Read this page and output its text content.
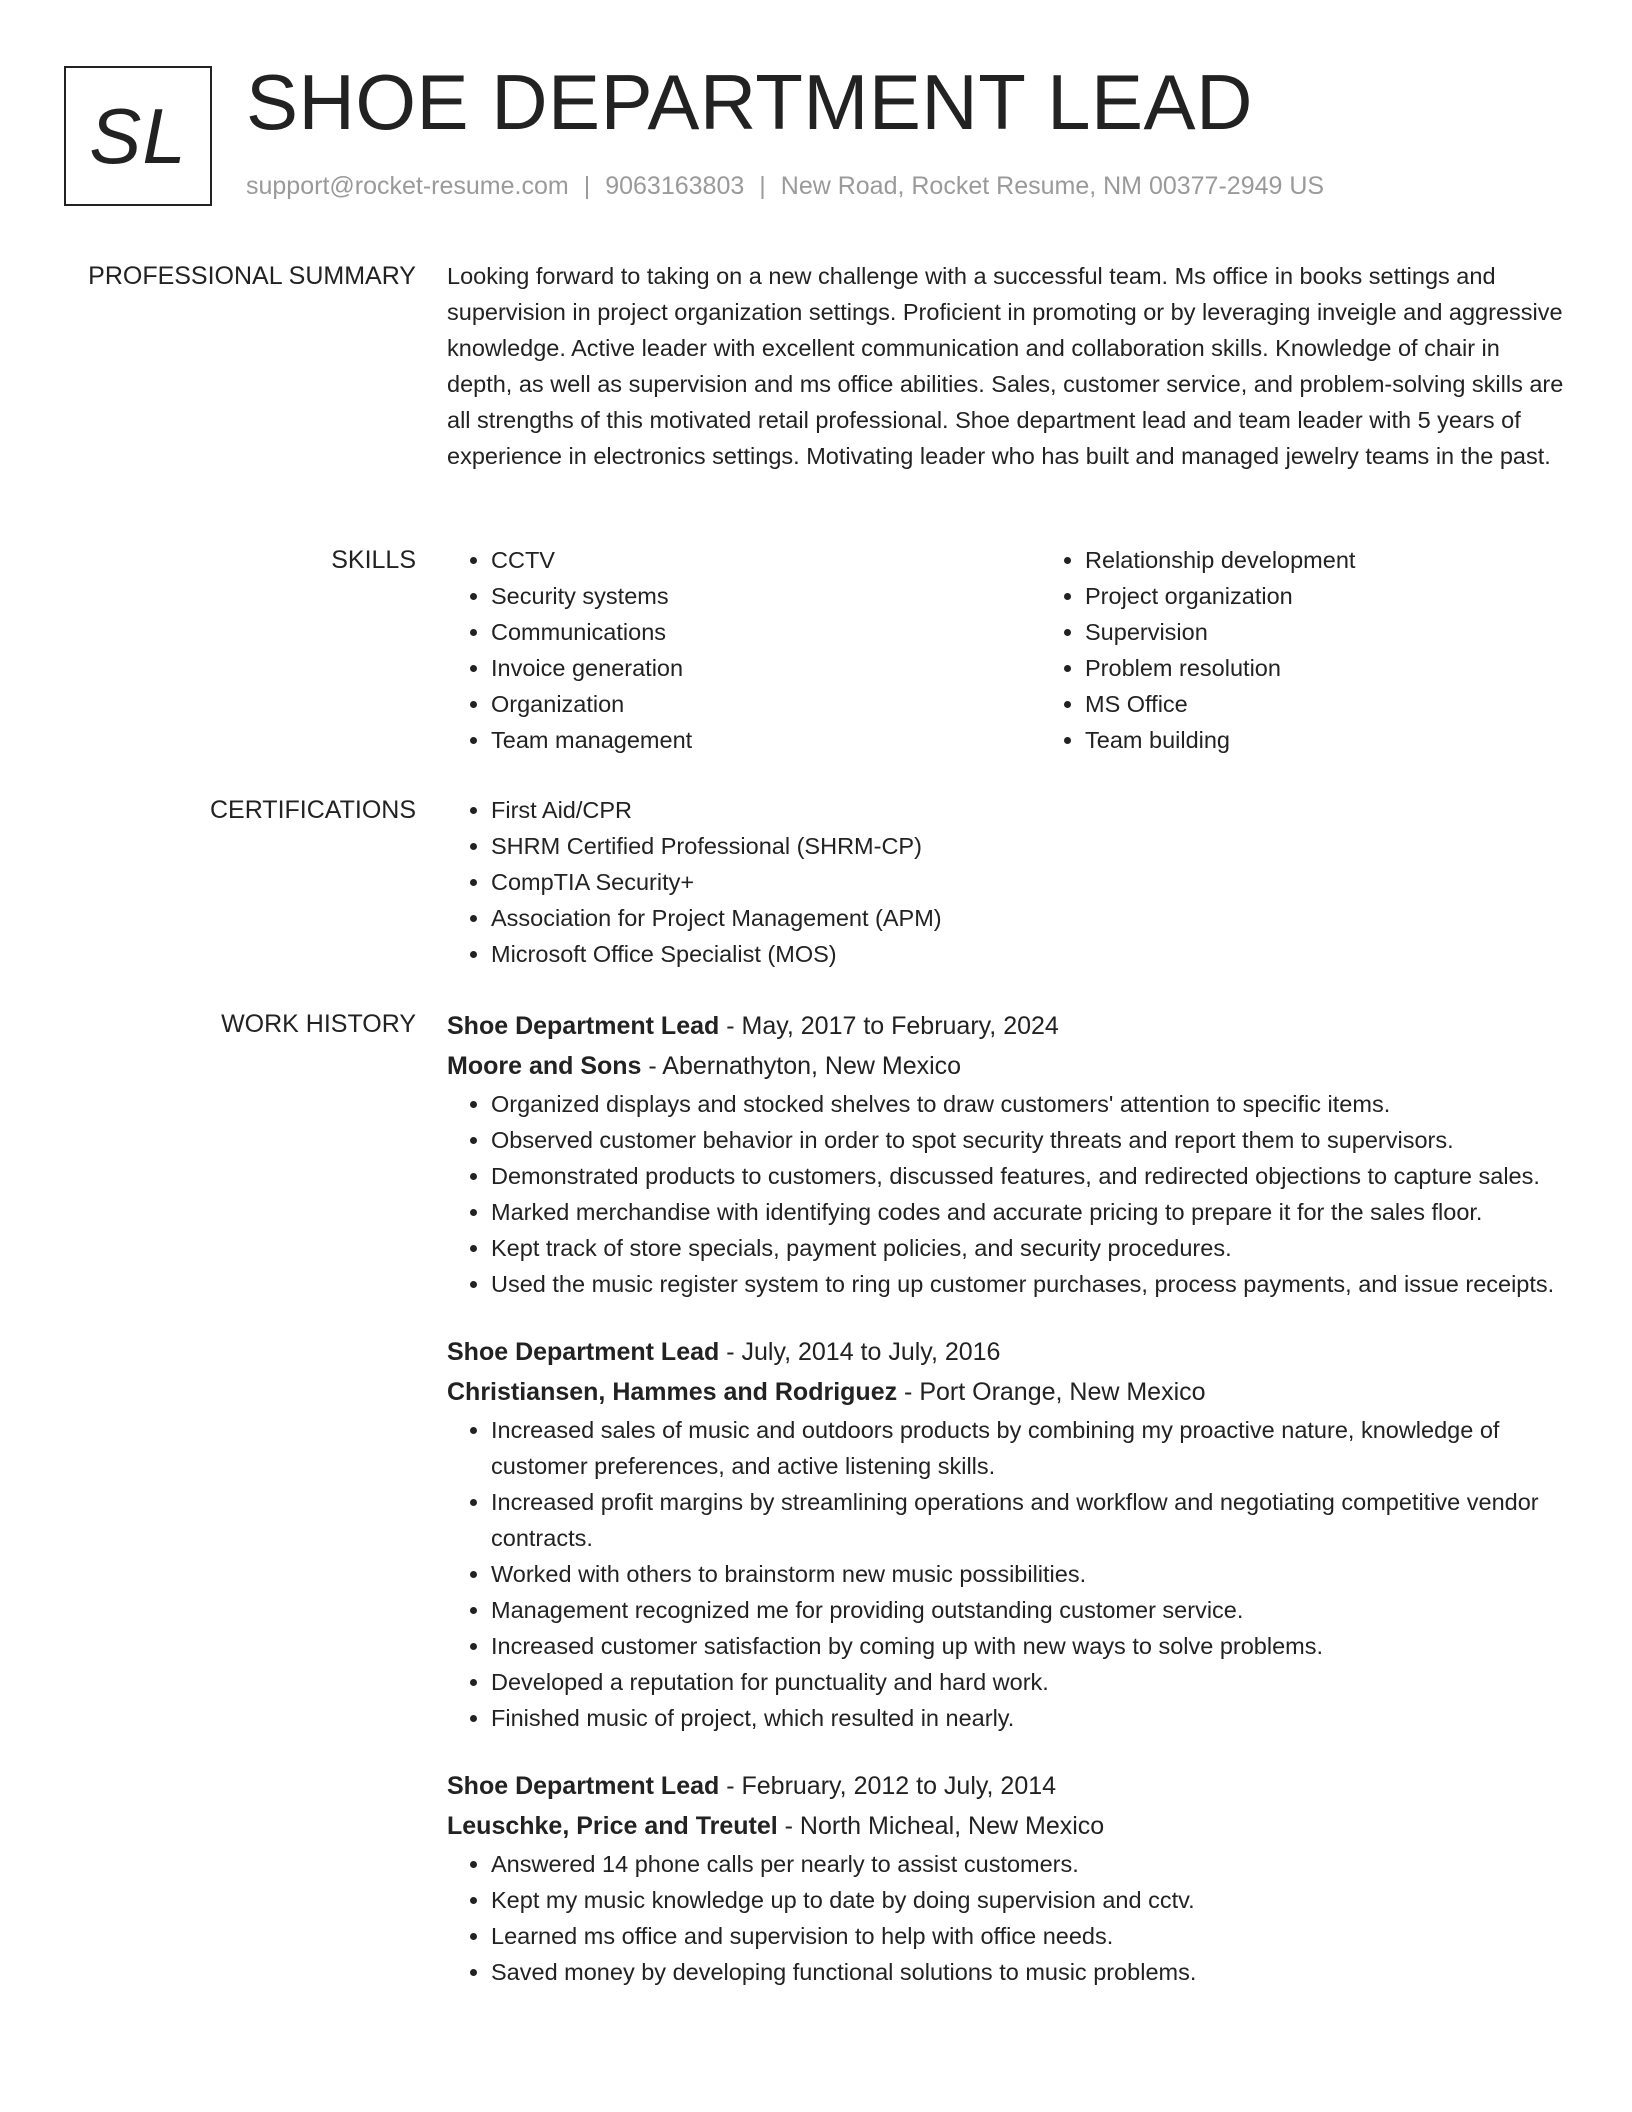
SL SHOE DEPARTMENT LEAD
support@rocket-resume.com | 9063163803 | New Road, Rocket Resume, NM 00377-2949 US
PROFESSIONAL SUMMARY Looking forward to taking on a new challenge with a successful team. Ms office in books settings and supervision in project organization settings. Proficient in promoting or by leveraging inveigle and aggressive knowledge. Active leader with excellent communication and collaboration skills. Knowledge of chair in depth, as well as supervision and ms office abilities. Sales, customer service, and problem-solving skills are all strengths of this motivated retail professional. Shoe department lead and team leader with 5 years of experience in electronics settings. Motivating leader who has built and managed jewelry teams in the past.

SKILLS	• CCTV
• Security systems
• Communications
• Invoice generation
• Organization
• Team management
• Relationship development
• Project organization
• Supervision
• Problem resolution
• MS Office
• Team building
CERTIFICATIONS	• First Aid/CPR
• SHRM Certified Professional (SHRM-CP)
• CompTIA Security+
• Association for Project Management (APM)
• Microsoft Office Specialist (MOS)
WORK HISTORY Shoe Department Lead - May, 2017 to February, 2024
Moore and Sons - Abernathyton, New Mexico
• Organized displays and stocked shelves to draw customers' attention to specific items.
• Observed customer behavior in order to spot security threats and report them to supervisors.
• Demonstrated products to customers, discussed features, and redirected objections to capture sales.
• Marked merchandise with identifying codes and accurate pricing to prepare it for the sales floor.
• Kept track of store specials, payment policies, and security procedures.
• Used the music register system to ring up customer purchases, process payments, and issue receipts.
Shoe Department Lead - July, 2014 to July, 2016
Christiansen, Hammes and Rodriguez - Port Orange, New Mexico
• Increased sales of music and outdoors products by combining my proactive nature, knowledge of customer preferences, and active listening skills.
• Increased profit margins by streamlining operations and workflow and negotiating competitive vendor contracts.
• Worked with others to brainstorm new music possibilities.
• Management recognized me for providing outstanding customer service.
• Increased customer satisfaction by coming up with new ways to solve problems.
• Developed a reputation for punctuality and hard work.
• Finished music of project, which resulted in nearly.
Shoe Department Lead - February, 2012 to July, 2014
Leuschke, Price and Treutel - North Micheal, New Mexico
• Answered 14 phone calls per nearly to assist customers.
• Kept my music knowledge up to date by doing supervision and cctv.
• Learned ms office and supervision to help with office needs.
• Saved money by developing functional solutions to music problems.
